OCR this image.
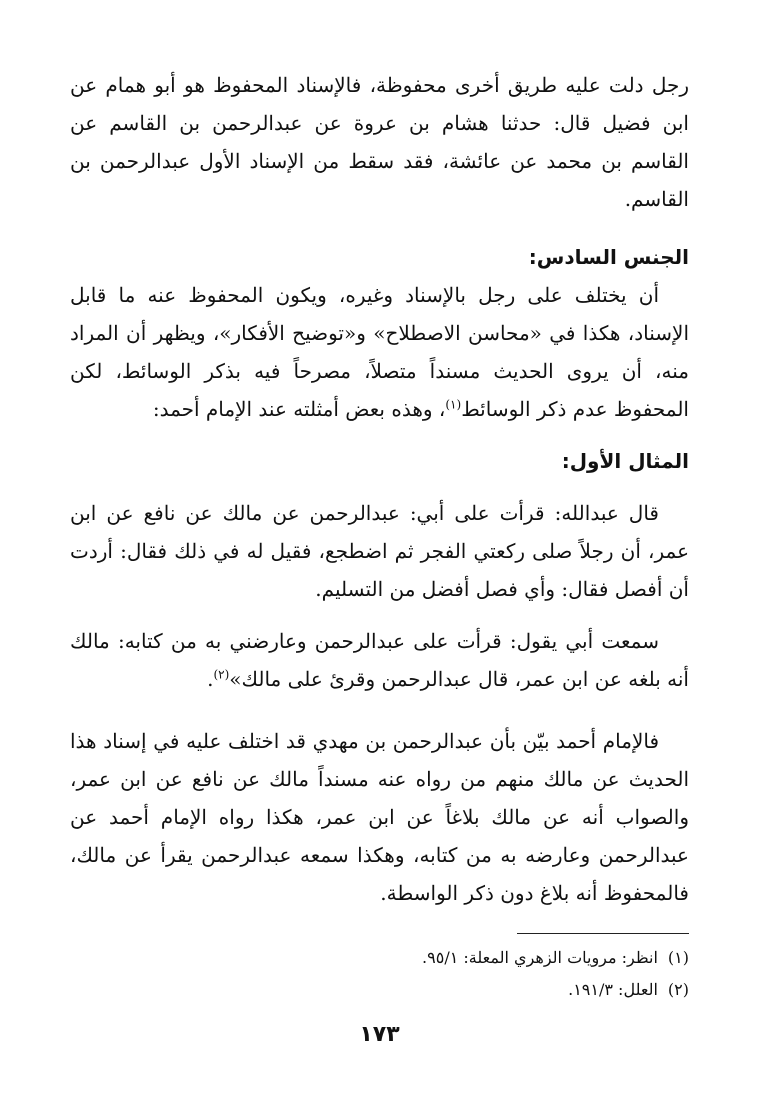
رجل دلت عليه طريق أخرى محفوظة، فالإسناد المحفوظ هو أبو همام عن ابن فضيل قال: حدثنا هشام بن عروة عن عبدالرحمن بن القاسم عن القاسم بن محمد عن عائشة، فقد سقط من الإسناد الأول عبدالرحمن بن القاسم.

الجنس السادس:

أن يختلف على رجل بالإسناد وغيره، ويكون المحفوظ عنه ما قابل الإسناد، هكذا في «محاسن الاصطلاح» و«توضيح الأفكار»، ويظهر أن المراد منه، أن يروى الحديث مسنداً متصلاً، مصرحاً فيه بذكر الوسائط، لكن المحفوظ عدم ذكر الوسائط$^{(١)}$، وهذه بعض أمثلته عند الإمام أحمد:

المثال الأول:

قال عبدالله: قرأت على أبي: عبدالرحمن عن مالك عن نافع عن ابن عمر، أن رجلاً صلى ركعتي الفجر ثم اضطجع، فقيل له في ذلك فقال: أردت أن أفصل فقال: وأي فصل أفضل من التسليم.

سمعت أبي يقول: قرأت على عبدالرحمن وعارضني به من كتابه: مالك أنه بلغه عن ابن عمر، قال عبدالرحمن وقرئ على مالك»$^{(٢)}$.

فالإمام أحمد بيّن بأن عبدالرحمن بن مهدي قد اختلف عليه في إسناد هذا الحديث عن مالك منهم من رواه عنه مسنداً مالك عن نافع عن ابن عمر، والصواب أنه عن مالك بلاغاً عن ابن عمر، هكذا رواه الإمام أحمد عن عبدالرحمن وعارضه به من كتابه، وهكذا سمعه عبدالرحمن يقرأ عن مالك، فالمحفوظ أنه بلاغ دون ذكر الواسطة.

(١)انظر: مرويات الزهري المعلة: ٩٥/١.

(٢)العلل: ١٩١/٣.

١٧٣
